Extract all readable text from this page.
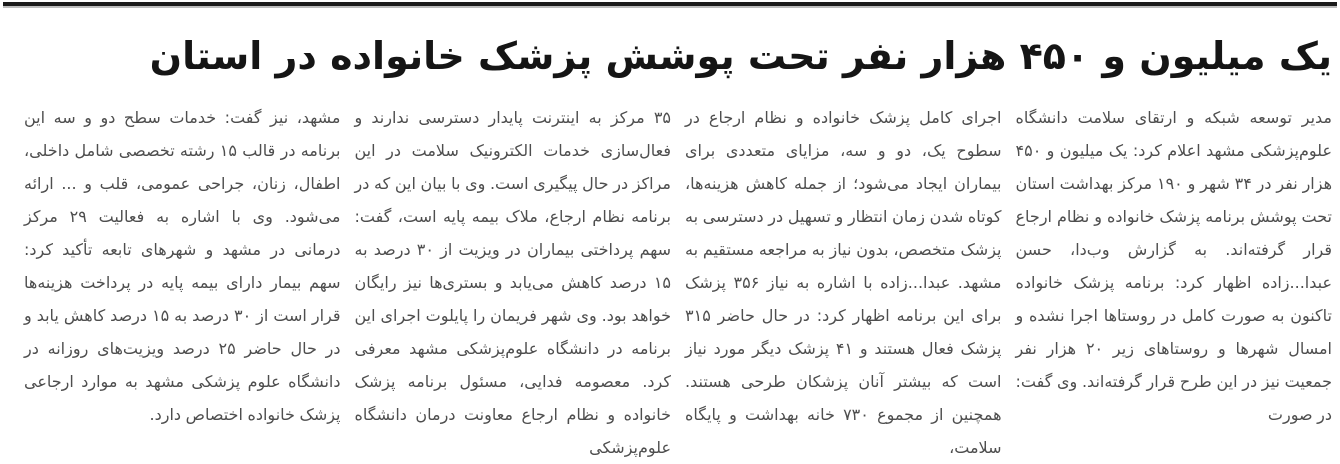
یک میلیون و ۴۵۰ هزار نفر تحت پوشش پزشک خانواده در استان
مدیر توسعه شبکه و ارتقای سلامت دانشگاه علوم‌پزشکی مشهد اعلام کرد: یک میلیون و ۴۵۰ هزار نفر در ۳۴ شهر و ۱۹۰ مرکز بهداشت استان تحت پوشش برنامه پزشک خانواده و نظام ارجاع قرار گرفته‌اند. به گزارش وب‌دا، حسن عبدا...زاده اظهار کرد: برنامه پزشک خانواده تاکنون به صورت کامل در روستاها اجرا نشده و امسال شهرها و روستاهای زیر ۲۰ هزار نفر جمعیت نیز در این طرح قرار گرفته‌اند. وی گفت: در صورت
اجرای کامل پزشک خانواده و نظام ارجاع در سطوح یک، دو و سه، مزایای متعددی برای بیماران ایجاد می‌شود؛ از جمله کاهش هزینه‌ها، کوتاه شدن زمان انتظار و تسهیل در دسترسی به پزشک متخصص، بدون نیاز به مراجعه مستقیم به مشهد. عبدا...زاده با اشاره به نیاز ۳۵۶ پزشک برای این برنامه اظهار کرد: در حال حاضر ۳۱۵ پزشک فعال هستند و ۴۱ پزشک دیگر مورد نیاز است که بیشتر آنان پزشکان طرحی هستند. همچنین از مجموع ۷۳۰ خانه بهداشت و پایگاه سلامت،
۳۵ مرکز به اینترنت پایدار دسترسی ندارند و فعال‌سازی خدمات الکترونیک سلامت در این مراکز در حال پیگیری است. وی با بیان این که در برنامه نظام ارجاع، ملاک بیمه پایه است، گفت: سهم پرداختی بیماران در ویزیت از ۳۰ درصد به ۱۵ درصد کاهش می‌یابد و بستری‌ها نیز رایگان خواهد بود. وی شهر فریمان را پایلوت اجرای این برنامه در دانشگاه علوم‌پزشکی مشهد معرفی کرد. معصومه فدایی، مسئول برنامه پزشک خانواده و نظام ارجاع معاونت درمان دانشگاه علوم‌پزشکی
مشهد، نیز گفت: خدمات سطح دو و سه این برنامه در قالب ۱۵ رشته تخصصی شامل داخلی، اطفال، زنان، جراحی عمومی، قلب و ... ارائه می‌شود. وی با اشاره به فعالیت ۲۹ مرکز درمانی در مشهد و شهرهای تابعه تأکید کرد: سهم بیمار دارای بیمه پایه در پرداخت هزینه‌ها قرار است از ۳۰ درصد به ۱۵ درصد کاهش یابد و در حال حاضر ۲۵ درصد ویزیت‌های روزانه در دانشگاه علوم پزشکی مشهد به موارد ارجاعی پزشک خانواده اختصاص دارد.
